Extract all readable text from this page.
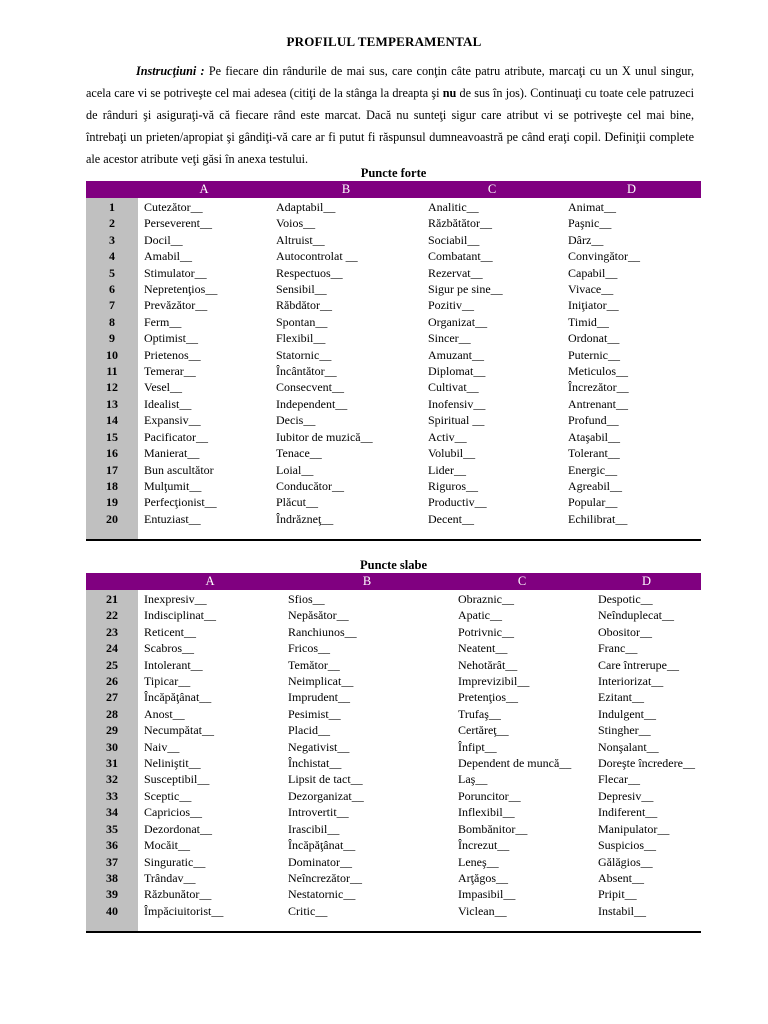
PROFILUL TEMPERAMENTAL
Instrucţiuni : Pe fiecare din rândurile de mai sus, care conţin câte patru atribute, marcaţi cu un X unul singur, acela care vi se potriveşte cel mai adesea (citiţi de la stânga la dreapta şi nu de sus în jos). Continuaţi cu toate cele patruzeci de rânduri şi asiguraţi-vă că fiecare rând este marcat. Dacă nu sunteţi sigur care atribut vi se potriveşte cel mai bine, întrebaţi un prieten/apropiat şi gândiţi-vă care ar fi putut fi răspunsul dumneavoastră pe când eraţi copil. Definiţii complete ale acestor atribute veţi găsi în anexa testului.
Puncte forte
	A	B	C	D
1	Cutezător__	Adaptabil__	Analitic__	Animat__
2	Perseverent__	Voios__	Răzbătător__	Paşnic__
3	Docil__	Altruist__	Sociabil__	Dârz__
4	Amabil__	Autocontrolat __	Combatant__	Convingător__
5	Stimulator__	Respectuos__	Rezervat__	Capabil__
6	Nepretenţios__	Sensibil__	Sigur pe sine__	Vivace__
7	Prevăzător__	Răbdător__	Pozitiv__	Iniţiator__
8	Ferm__	Spontan__	Organizat__	Timid__
9	Optimist__	Flexibil__	Sincer__	Ordonat__
10	Prietenos__	Statornic__	Amuzant__	Puternic__
11	Temerar__	Încântător__	Diplomat__	Meticulos__
12	Vesel__	Consecvent__	Cultivat__	Încrezător__
13	Idealist__	Independent__	Inofensiv__	Antrenant__
14	Expansiv__	Decis__	Spiritual __	Profund__
15	Pacificator__	Iubitor de muzică__	Activ__	Ataşabil__
16	Manierat__	Tenace__	Volubil__	Tolerant__
17	Bun ascultător	Loial__	Lider__	Energic__
18	Mulţumit__	Conducător__	Riguros__	Agreabil__
19	Perfecţionist__	Plăcut__	Productiv__	Popular__
20	Entuziast__	Îndrăzneţ__	Decent__	Echilibrat__

Puncte slabe
	A	B	C	D
21	Inexpresiv__	Sfios__	Obraznic__	Despotic__
22	Indisciplinat__	Nepăsător__	Apatic__	Neînduplecat__
23	Reticent__	Ranchiunos__	Potrivnic__	Obositor__
24	Scabros__	Fricos__	Neatent__	Franc__
25	Intolerant__	Temător__	Nehotărât__	Care întrerupe__
26	Tipicar__	Neimplicat__	Imprevizibil__	Interiorizat__
27	Încăpăţânat__	Imprudent__	Pretenţios__	Ezitant__
28	Anost__	Pesimist__	Trufaş__	Indulgent__
29	Necumpătat__	Placid__	Certăreţ__	Stingher__
30	Naiv__	Negativist__	Înfipt__	Nonşalant__
31	Neliniştit__	Închistat__	Dependent de muncă__	Doreşte încredere__
32	Susceptibil__	Lipsit de tact__	Laş__	Flecar__
33	Sceptic__	Dezorganizat__	Poruncitor__	Depresiv__
34	Capricios__	Introvertit__	Inflexibil__	Indiferent__
35	Dezordonat__	Irascibil__	Bombănitor__	Manipulator__
36	Mocăit__	Încăpăţânat__	Încrezut__	Suspicios__
37	Singuratic__	Dominator__	Leneş__	Gălăgios__
38	Trândav__	Neîncrezător__	Arţăgos__	Absent__
39	Răzbunător__	Nestatornic__	Impasibil__	Pripit__
40	Împăciuitorist__	Critic__	Viclean__	Instabil__
